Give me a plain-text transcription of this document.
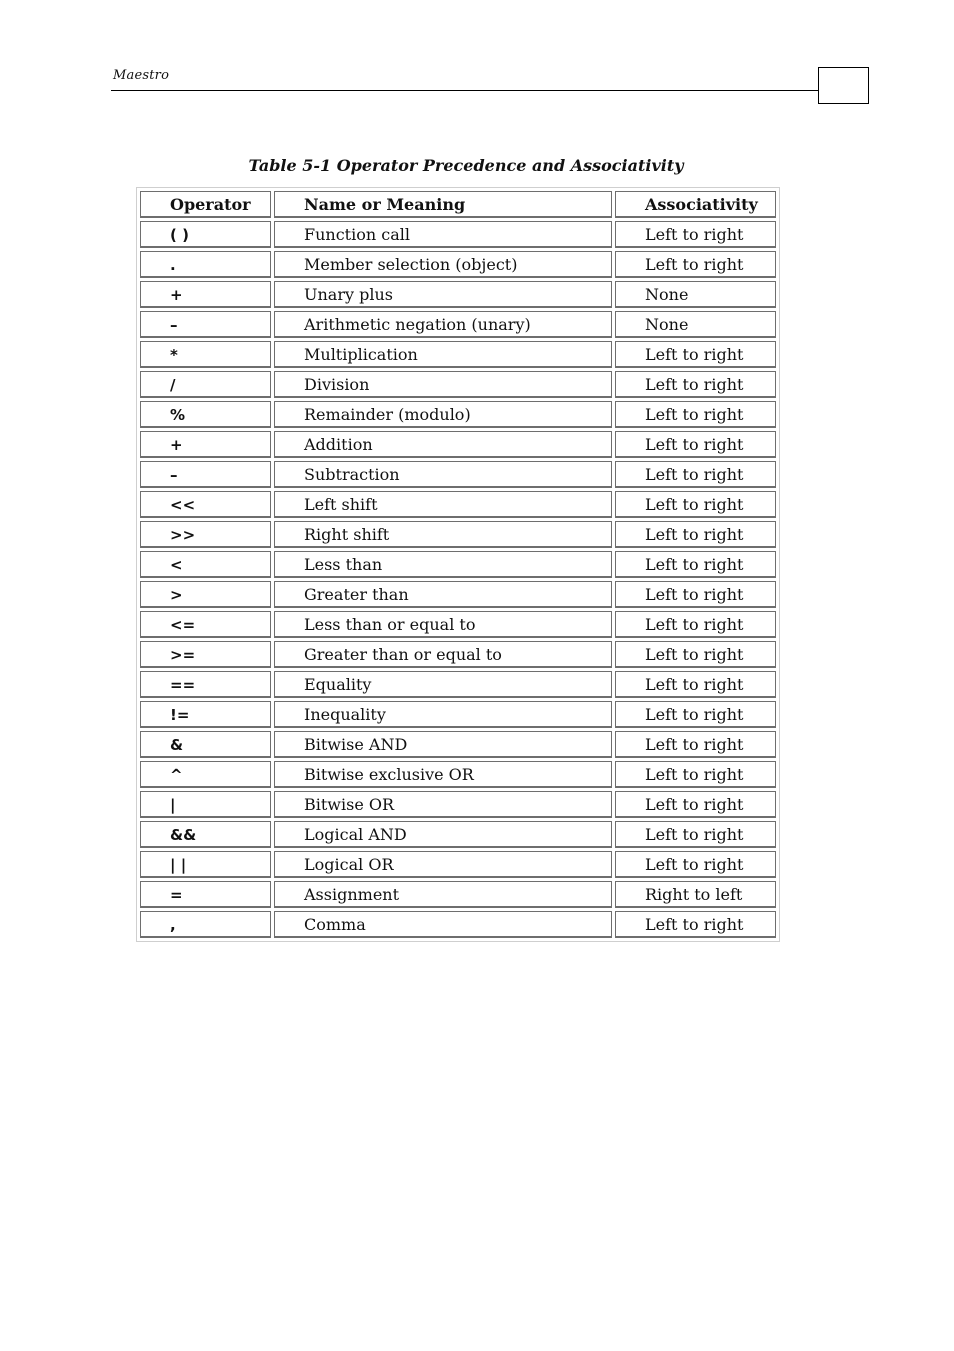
Maestro
Table 5-1 Operator Precedence and Associativity
Operator	Name or Meaning	Associativity
( )	Function call	Left to right
.	Member selection (object)	Left to right
+	Unary plus	None
–	Arithmetic negation (unary)	None
*	Multiplication	Left to right
/	Division	Left to right
%	Remainder (modulo)	Left to right
+	Addition	Left to right
–	Subtraction	Left to right
<<	Left shift	Left to right
>>	Right shift	Left to right
<	Less than	Left to right
>	Greater than	Left to right
<=	Less than or equal to	Left to right
>=	Greater than or equal to	Left to right
==	Equality	Left to right
!=	Inequality	Left to right
&	Bitwise AND	Left to right
^	Bitwise exclusive OR	Left to right
|	Bitwise OR	Left to right
&&	Logical AND	Left to right
| |	Logical OR	Left to right
=	Assignment	Right to left
,	Comma	Left to right
